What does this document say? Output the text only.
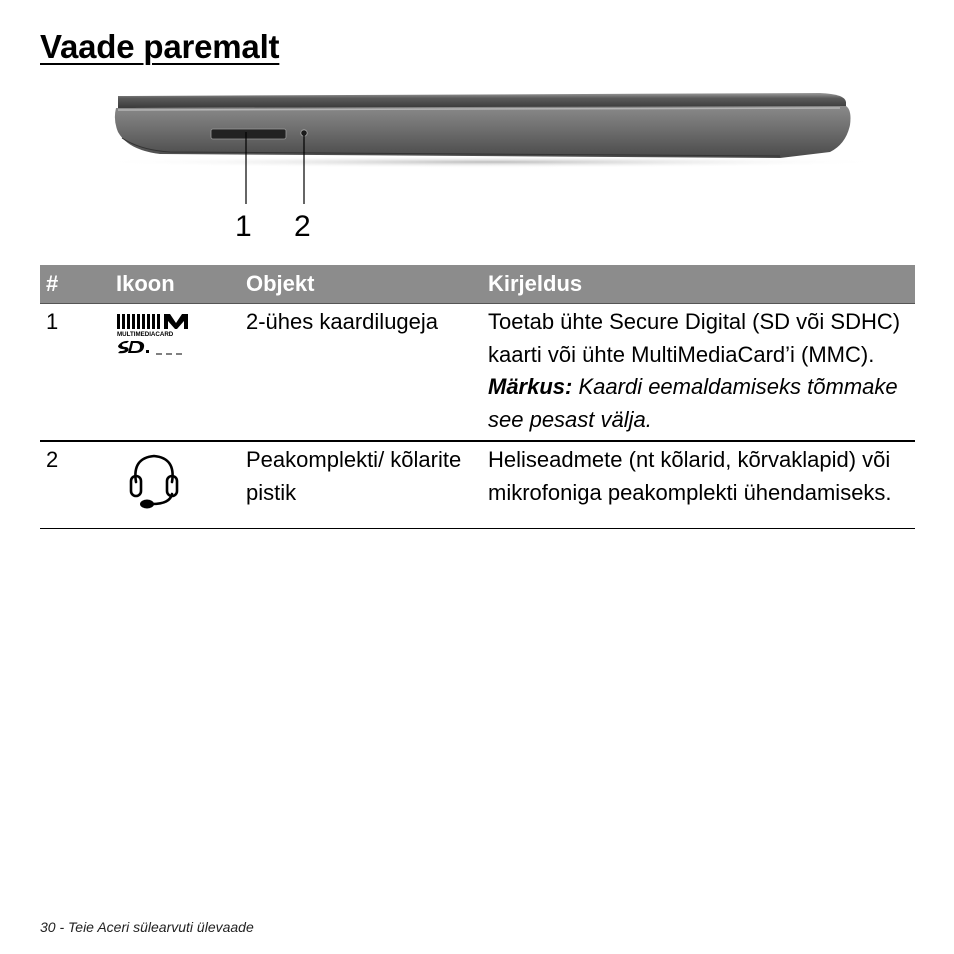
Vaade paremalt
1 2
#	Ikoon	Objekt	Kirjeldus
1	MULTIMEDIACARD	2-ühes kaardilugeja	Toetab ühte Secure Digital (SD või SDHC) kaarti või ühte MultiMediaCard’i (MMC).
Märkus: Kaardi eemaldamiseks tõmmake see pesast välja.
2		Peakomplekti/ kõlarite pistik	Heliseadmete (nt kõlarid, kõrvaklapid) või mikrofoniga peakomplekti ühendamiseks.
30 - Teie Aceri sülearvuti ülevaade
